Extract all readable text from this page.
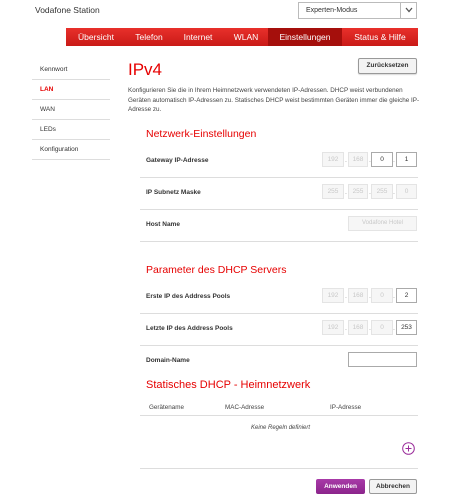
Vodafone Station	Experten-Modus
Übersicht	Telefon	Internet	WLAN	Einstellungen	Status & Hilfe
Kennwort
LAN
WAN
LEDs
Konfiguration
IPv4	Zurücksetzen
Konfigurieren Sie die in Ihrem Heimnetzwerk verwendeten IP-Adressen. DHCP weist verbundenen Geräten automatisch IP-Adressen zu. Statisches DHCP weist bestimmten Geräten immer die gleiche IP-Adresse zu.
Netzwerk-Einstellungen
Gateway IP-Adresse	192 . 168 .	0	.	1
IP Subnetz Maske	255 . 255 . 255 .	0
Host Name	Vodafone Hotel
Parameter des DHCP Servers
Erste IP des Address Pools	192 . 168 .	0	.	2
Letzte IP des Address Pools	192 . 168 .	0	. 253
Domain-Name
Statisches DHCP - Heimnetzwerk
Gerätename	MAC-Adresse	IP-Adresse
Keine Regeln definiert
Anwenden	Abbrechen
